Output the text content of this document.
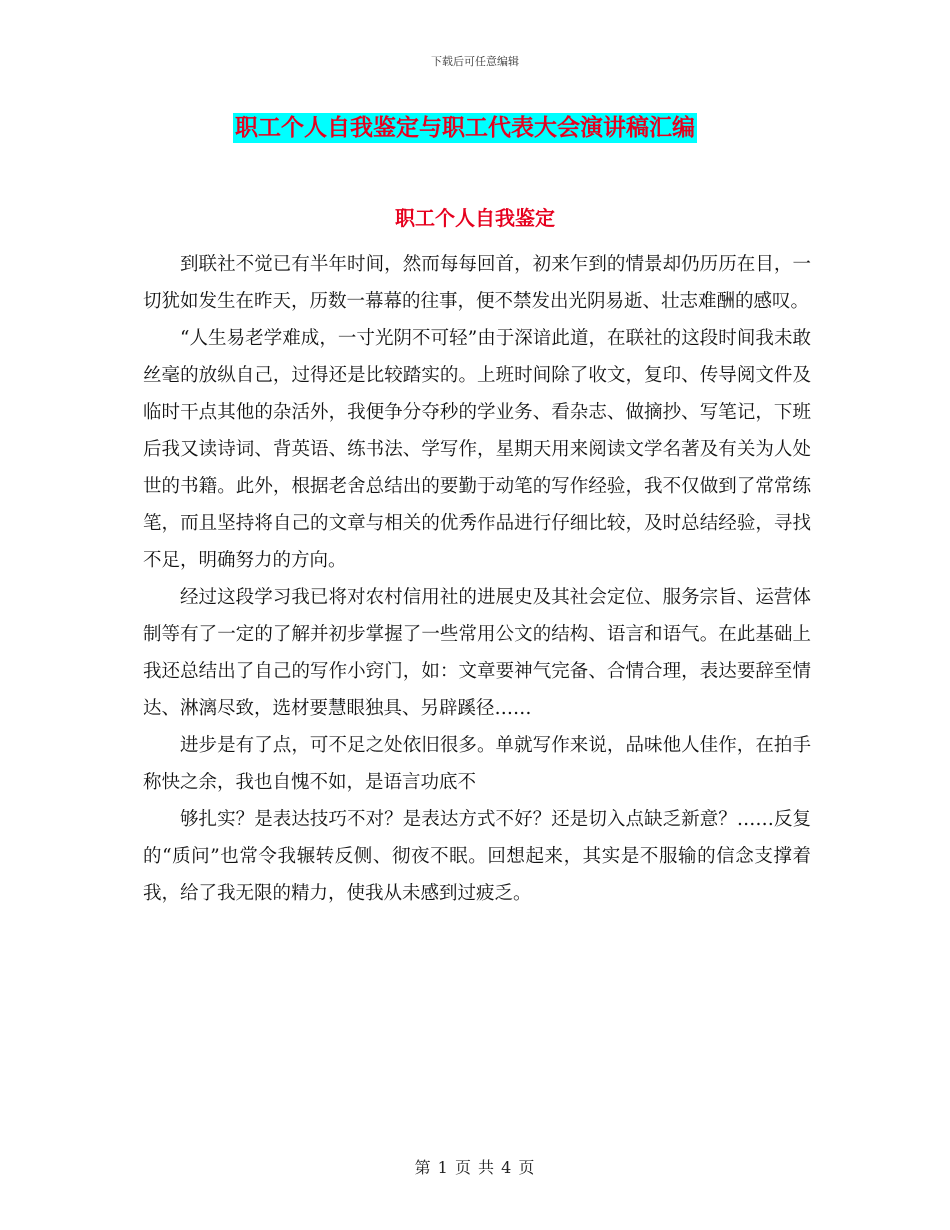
下载后可任意编辑
职工个人自我鉴定与职工代表大会演讲稿汇编
职工个人自我鉴定

到联社不觉已有半年时间，然而每每回首，初来乍到的情景却仍历历在目，一切犹如发生在昨天，历数一幕幕的往事，便不禁发出光阴易逝、壮志难酬的感叹。

“人生易老学难成，一寸光阴不可轻”由于深谙此道，在联社的这段时间我未敢丝毫的放纵自己，过得还是比较踏实的。上班时间除了收文，复印、传导阅文件及临时干点其他的杂活外，我便争分夺秒的学业务、看杂志、做摘抄、写笔记，下班后我又读诗词、背英语、练书法、学写作，星期天用来阅读文学名著及有关为人处世的书籍。此外，根据老舍总结出的要勤于动笔的写作经验，我不仅做到了常常练笔，而且坚持将自己的文章与相关的优秀作品进行仔细比较，及时总结经验，寻找不足，明确努力的方向。

经过这段学习我已将对农村信用社的进展史及其社会定位、服务宗旨、运营体制等有了一定的了解并初步掌握了一些常用公文的结构、语言和语气。在此基础上我还总结出了自己的写作小窍门，如：文章要神气完备、合情合理，表达要辞至情达、淋漓尽致，选材要慧眼独具、另辟蹊径……

进步是有了点，可不足之处依旧很多。单就写作来说，品味他人佳作，在拍手称快之余，我也自愧不如，是语言功底不

够扎实？是表达技巧不对？是表达方式不好？还是切入点缺乏新意？……反复的“质问”也常令我辗转反侧、彻夜不眠。回想起来，其实是不服输的信念支撑着我，给了我无限的精力，使我从未感到过疲乏。

第 1 页 共 4 页
